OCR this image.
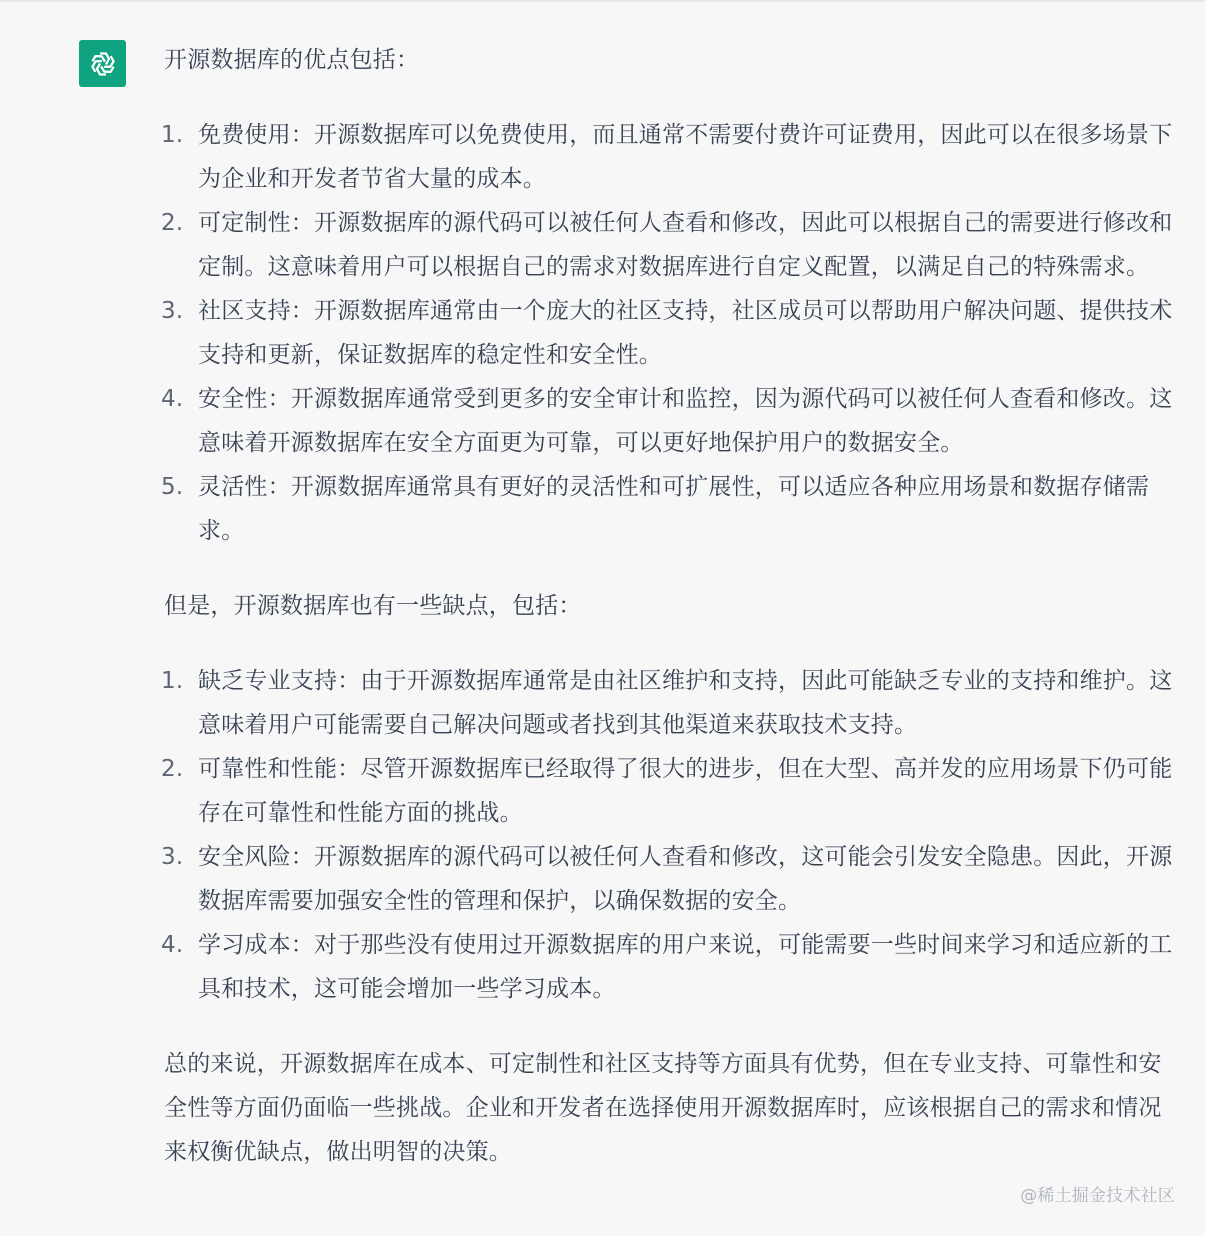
开源数据库的优点包括：

1. 免费使用：开源数据库可以免费使用，而且通常不需要付费许可证费用，因此可以在很多场景下为企业和开发者节省大量的成本。
2. 可定制性：开源数据库的源代码可以被任何人查看和修改，因此可以根据自己的需要进行修改和定制。这意味着用户可以根据自己的需求对数据库进行自定义配置，以满足自己的特殊需求。
3. 社区支持：开源数据库通常由一个庞大的社区支持，社区成员可以帮助用户解决问题、提供技术支持和更新，保证数据库的稳定性和安全性。
4. 安全性：开源数据库通常受到更多的安全审计和监控，因为源代码可以被任何人查看和修改。这意味着开源数据库在安全方面更为可靠，可以更好地保护用户的数据安全。
5. 灵活性：开源数据库通常具有更好的灵活性和可扩展性，可以适应各种应用场景和数据存储需求。

但是，开源数据库也有一些缺点，包括：

1. 缺乏专业支持：由于开源数据库通常是由社区维护和支持，因此可能缺乏专业的支持和维护。这意味着用户可能需要自己解决问题或者找到其他渠道来获取技术支持。
2. 可靠性和性能：尽管开源数据库已经取得了很大的进步，但在大型、高并发的应用场景下仍可能存在可靠性和性能方面的挑战。
3. 安全风险：开源数据库的源代码可以被任何人查看和修改，这可能会引发安全隐患。因此，开源数据库需要加强安全性的管理和保护，以确保数据的安全。
4. 学习成本：对于那些没有使用过开源数据库的用户来说，可能需要一些时间来学习和适应新的工具和技术，这可能会增加一些学习成本。

总的来说，开源数据库在成本、可定制性和社区支持等方面具有优势，但在专业支持、可靠性和安全性等方面仍面临一些挑战。企业和开发者在选择使用开源数据库时，应该根据自己的需求和情况来权衡优缺点，做出明智的决策。

@稀土掘金技术社区
